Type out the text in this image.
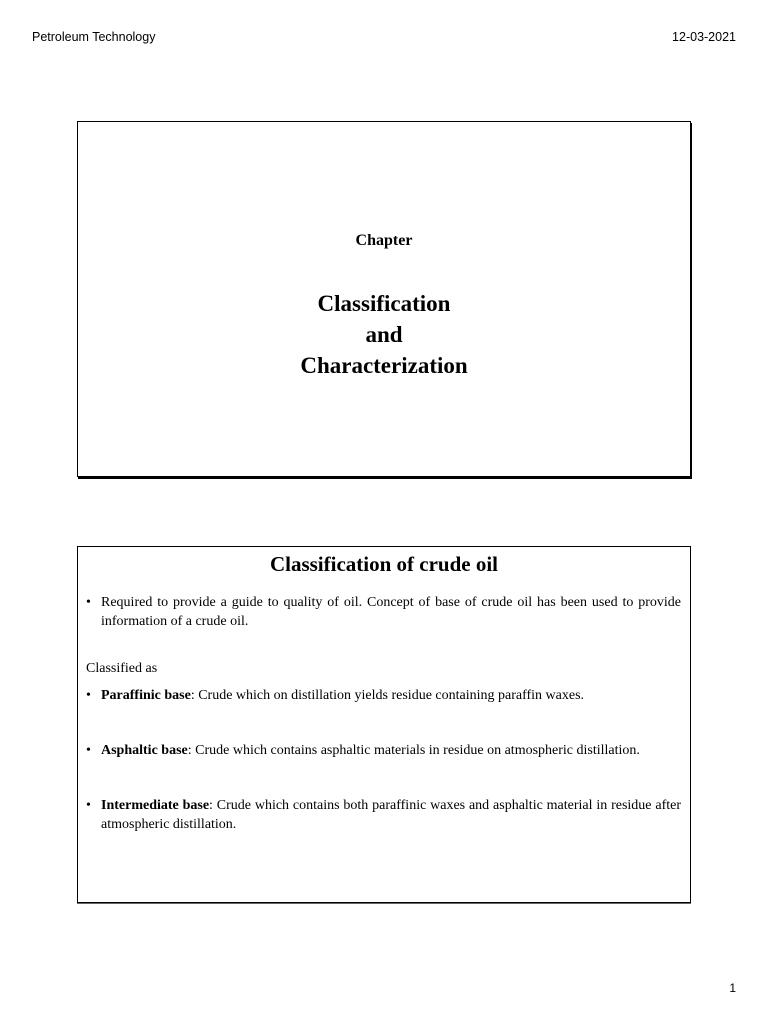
Petroleum Technology	12-03-2021
Chapter
Classification
and
Characterization
Classification of crude oil
• Required to provide a guide to quality of oil. Concept of base of crude oil has been used to provide information of a crude oil.
Classified as
• Paraffinic base: Crude which on distillation yields residue containing paraffin waxes.
• Asphaltic base: Crude which contains asphaltic materials in residue on atmospheric distillation.
• Intermediate base: Crude which contains both paraffinic waxes and asphaltic material in residue after atmospheric distillation.
1
